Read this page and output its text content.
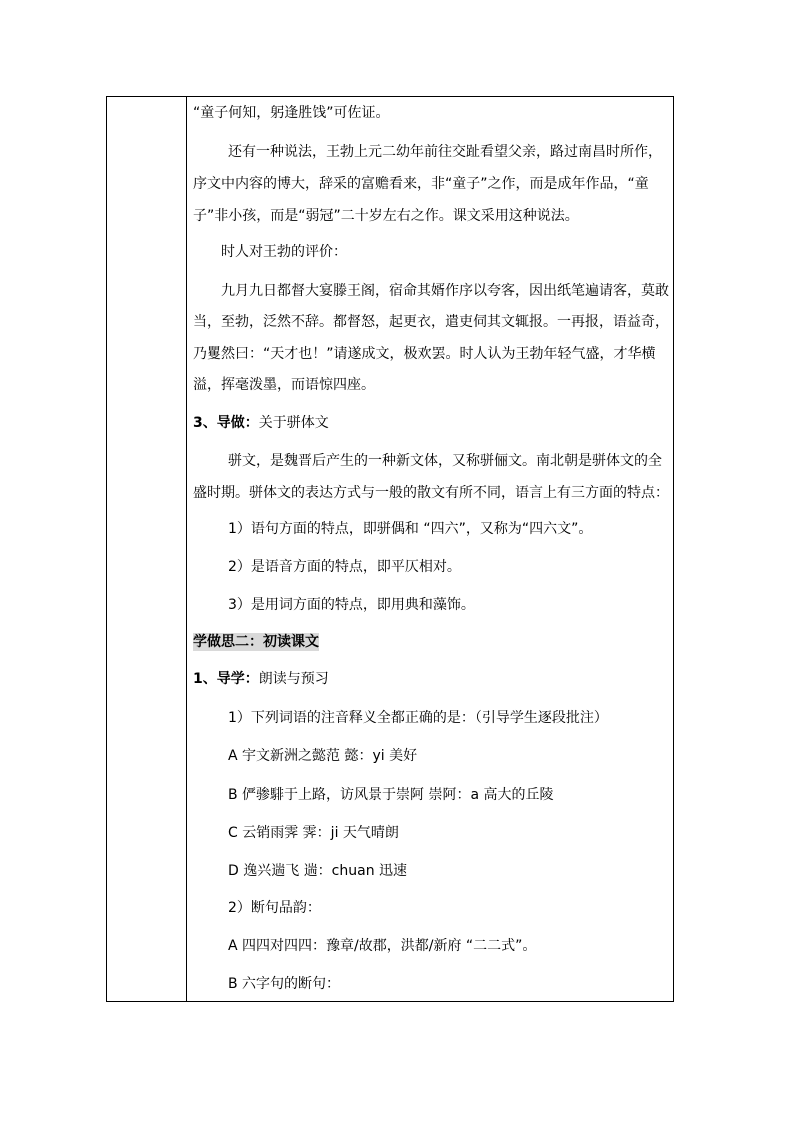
“童子何知，躬逢胜饯”可佐证。
还有一种说法，王勃上元二幼年前往交趾看望父亲，路过南昌时所作，
序文中内容的博大，辞采的富赡看来，非“童子”之作，而是成年作品，“童
子”非小孩，而是“弱冠”二十岁左右之作。课文采用这种说法。
时人对王勃的评价：
九月九日都督大宴滕王阁，宿命其婿作序以夸客，因出纸笔遍请客，莫敢
当，至勃，泛然不辞。都督怒，起更衣，遣吏伺其文辄报。一再报，语益奇，
乃矍然曰：“天才也！”请遂成文，极欢罢。时人认为王勃年轻气盛，才华横
溢，挥毫泼墨，而语惊四座。
3、导做：关于骈体文
骈文，是魏晋后产生的一种新文体，又称骈俪文。南北朝是骈体文的全
盛时期。骈体文的表达方式与一般的散文有所不同，语言上有三方面的特点：
1）语句方面的特点，即骈偶和 “四六”，又称为“四六文”。
2）是语音方面的特点，即平仄相对。
3）是用词方面的特点，即用典和藻饰。
学做思二：初读课文
1、导学：朗读与预习
1）下列词语的注音释义全都正确的是：（引导学生逐段批注）
A 宇文新洲之懿范 懿：yi 美好
B 俨骖騑于上路，访风景于崇阿 崇阿：a 高大的丘陵
C 云销雨霁 霁：ji 天气晴朗
D 逸兴遄飞 遄：chuan 迅速
2）断句品韵：
A 四四对四四：豫章/故郡，洪都/新府 “二二式”。
B 六字句的断句：
